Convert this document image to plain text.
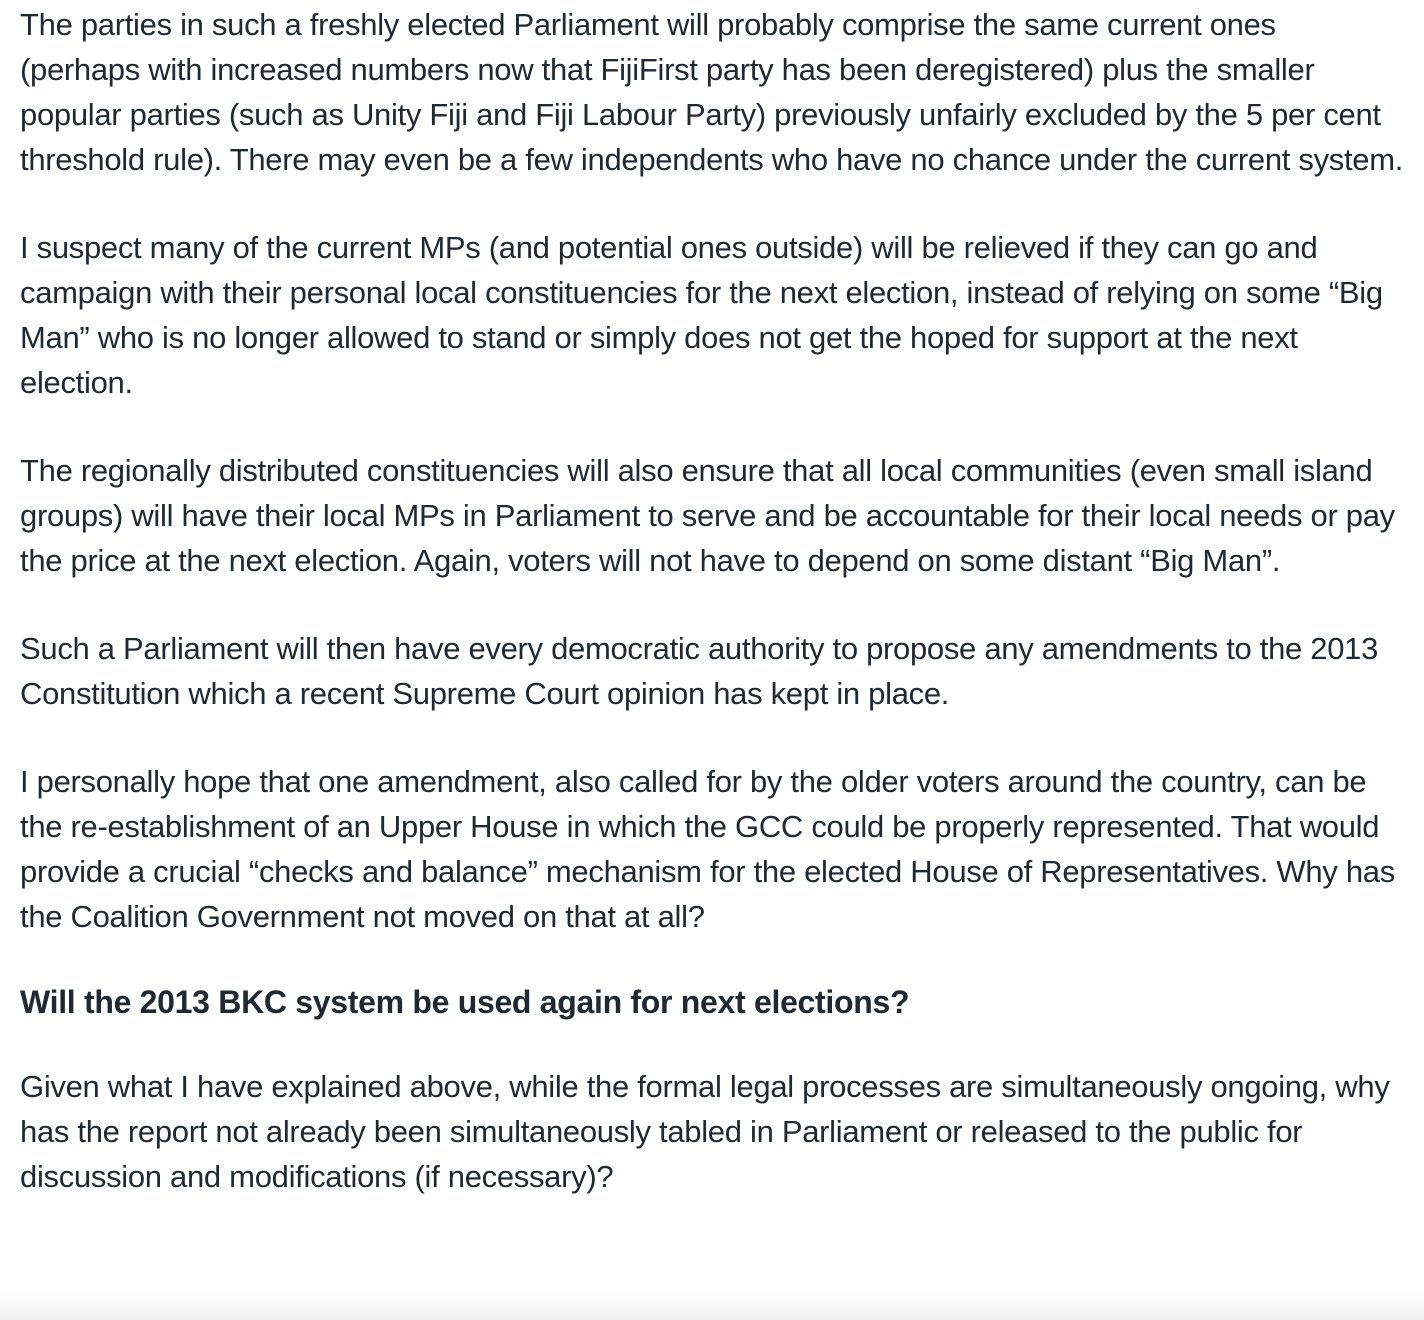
The parties in such a freshly elected Parliament will probably comprise the same current ones (perhaps with increased numbers now that FijiFirst party has been deregistered) plus the smaller popular parties (such as Unity Fiji and Fiji Labour Party) previously unfairly excluded by the 5 per cent threshold rule). There may even be a few independents who have no chance under the current system.

I suspect many of the current MPs (and potential ones outside) will be relieved if they can go and campaign with their personal local constituencies for the next election, instead of relying on some “Big Man” who is no longer allowed to stand or simply does not get the hoped for support at the next election.

The regionally distributed constituencies will also ensure that all local communities (even small island groups) will have their local MPs in Parliament to serve and be accountable for their local needs or pay the price at the next election. Again, voters will not have to depend on some distant “Big Man”.

Such a Parliament will then have every democratic authority to propose any amendments to the 2013 Constitution which a recent Supreme Court opinion has kept in place.

I personally hope that one amendment, also called for by the older voters around the country, can be the re-establishment of an Upper House in which the GCC could be properly represented. That would provide a crucial “checks and balance” mechanism for the elected House of Representatives. Why has the Coalition Government not moved on that at all?

Will the 2013 BKC system be used again for next elections?

Given what I have explained above, while the formal legal processes are simultaneously ongoing, why has the report not already been simultaneously tabled in Parliament or released to the public for discussion and modifications (if necessary)?
